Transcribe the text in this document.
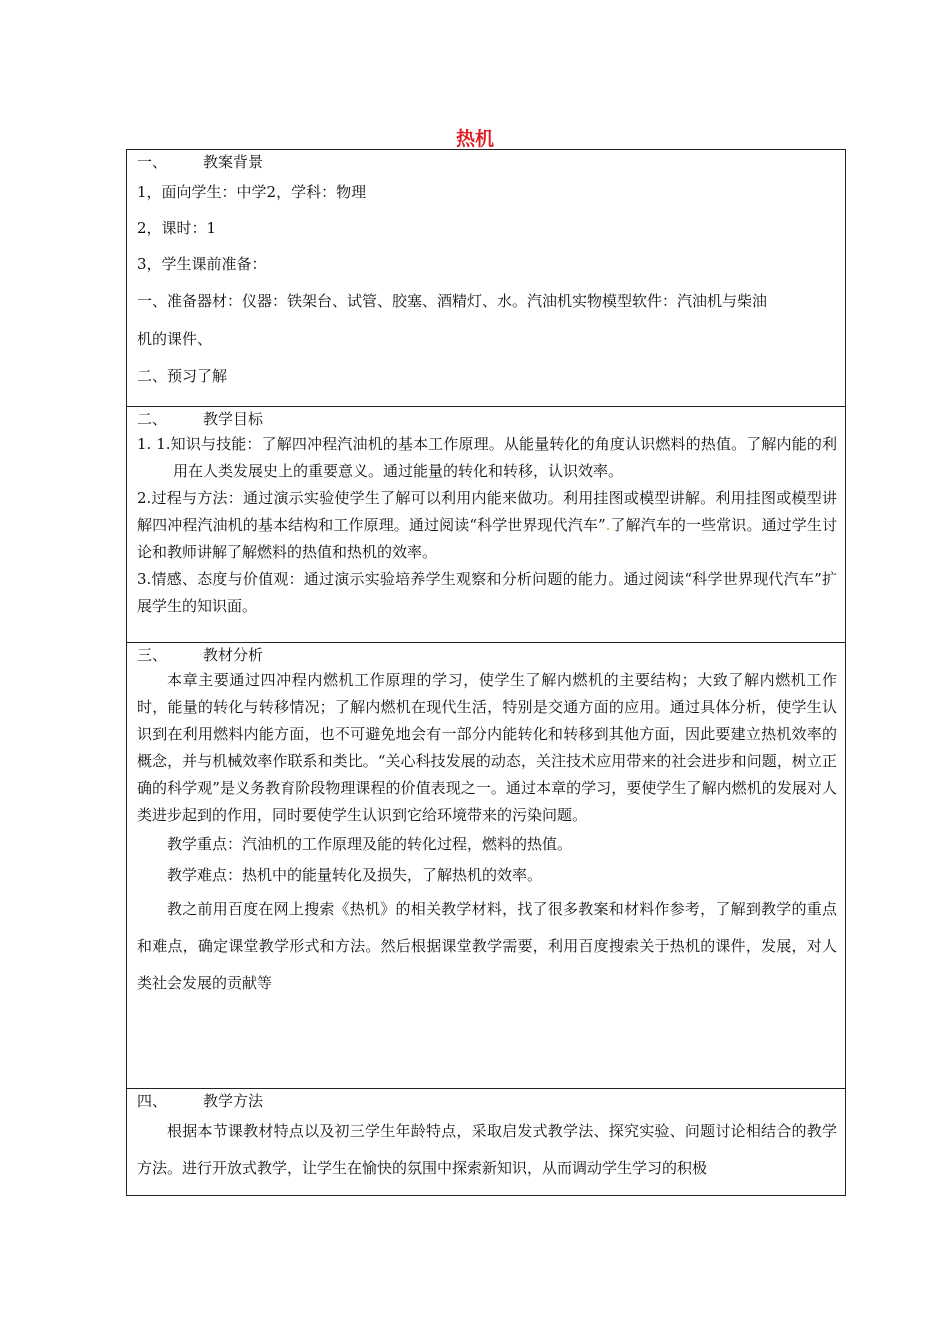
热机
一、 教案背景
1，面向学生：中学2，学科：物理
2，课时：1
3，学生课前准备：
一、准备器材：仪器：铁架台、试管、胶塞、酒精灯、水。汽油机实物模型软件：汽油机与柴油
机的课件、
二、预习了解
二、 教学目标
1. 1.知识与技能：了解四冲程汽油机的基本工作原理。从能量转化的角度认识燃料的热值。了解内能的利用在人类发展史上的重要意义。通过能量的转化和转移，认识效率。
2.过程与方法：通过演示实验使学生了解可以利用内能来做功。利用挂图或模型讲解。利用挂图或模型讲解四冲程汽油机的基本结构和工作原理。通过阅读“科学世界现代汽车”.了解汽车的一些常识。通过学生讨论和教师讲解了解燃料的热值和热机的效率。
3.情感、态度与价值观：通过演示实验培养学生观察和分析问题的能力。通过阅读“科学世界现代汽车”扩展学生的知识面。
三、 教材分析
本章主要通过四冲程内燃机工作原理的学习，使学生了解内燃机的主要结构；大致了解内燃机工作时，能量的转化与转移情况；了解内燃机在现代生活，特别是交通方面的应用。通过具体分析，使学生认识到在利用燃料内能方面，也不可避免地会有一部分内能转化和转移到其他方面，因此要建立热机效率的概念，并与机械效率作联系和类比。“关心科技发展的动态，关注技术应用带来的社会进步和问题，树立正确的科学观”是义务教育阶段物理课程的价值表现之一。通过本章的学习，要使学生了解内燃机的发展对人类进步起到的作用，同时要使学生认识到它给环境带来的污染问题。
教学重点：汽油机的工作原理及能的转化过程，燃料的热值。
教学难点：热机中的能量转化及损失，了解热机的效率。
教之前用百度在网上搜索《热机》的相关教学材料，找了很多教案和材料作参考，了解到教学的重点和难点，确定课堂教学形式和方法。然后根据课堂教学需要，利用百度搜索关于热机的课件，发展，对人类社会发展的贡献等
四、 教学方法
根据本节课教材特点以及初三学生年龄特点，采取启发式教学法、探究实验、问题讨论相结合的教学方法。进行开放式教学，让学生在愉快的氛围中探索新知识，从而调动学生学习的积极
